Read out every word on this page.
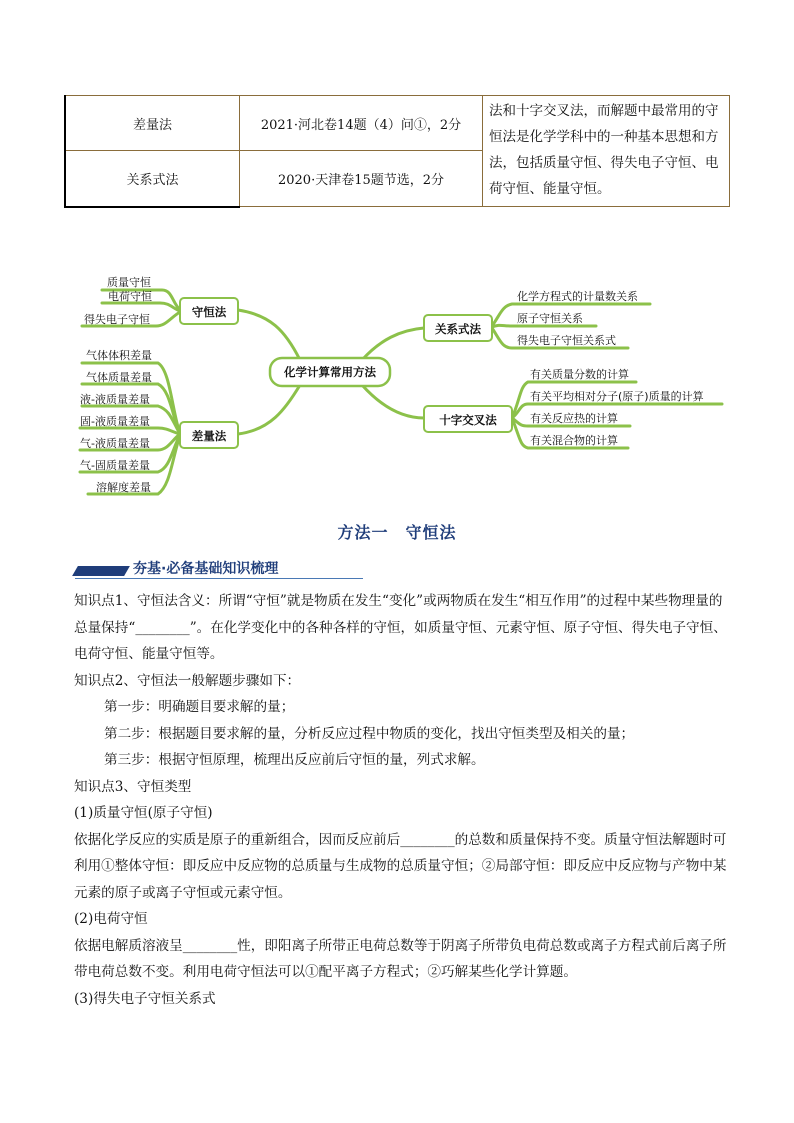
差量法	2021·河北卷14题（4）问①，2分	法和十字交叉法，而解题中最常用的守恒法是化学学科中的一种基本思想和方法，包括质量守恒、得失电子守恒、电荷守恒、能量守恒。
关系式法	2020·天津卷15题节选，2分	
化学计算常用方法
守恒法
差量法
关系式法
十字交叉法
质量守恒
电荷守恒
得失电子守恒
气体体积差量
气体质量差量
液-液质量差量
固-液质量差量
气-液质量差量
气-固质量差量
溶解度差量
化学方程式的计量数关系
原子守恒关系
得失电子守恒关系式
有关质量分数的计算
有关平均相对分子(原子)质量的计算
有关反应热的计算
有关混合物的计算
方法一　守恒法
夯基·必备基础知识梳理

知识点1、守恒法含义：所谓“守恒”就是物质在发生“变化”或两物质在发生“相互作用”的过程中某些物理量的总量保持“________”。在化学变化中的各种各样的守恒，如质量守恒、元素守恒、原子守恒、得失电子守恒、电荷守恒、能量守恒等。

知识点2、守恒法一般解题步骤如下：

第一步：明确题目要求解的量；

第二步：根据题目要求解的量，分析反应过程中物质的变化，找出守恒类型及相关的量；

第三步：根据守恒原理，梳理出反应前后守恒的量，列式求解。

知识点3、守恒类型

(1)质量守恒(原子守恒)

依据化学反应的实质是原子的重新组合，因而反应前后________的总数和质量保持不变。质量守恒法解题时可利用①整体守恒：即反应中反应物的总质量与生成物的总质量守恒；②局部守恒：即反应中反应物与产物中某元素的原子或离子守恒或元素守恒。

(2)电荷守恒

依据电解质溶液呈________性，即阳离子所带正电荷总数等于阴离子所带负电荷总数或离子方程式前后离子所带电荷总数不变。利用电荷守恒法可以①配平离子方程式；②巧解某些化学计算题。

(3)得失电子守恒关系式
